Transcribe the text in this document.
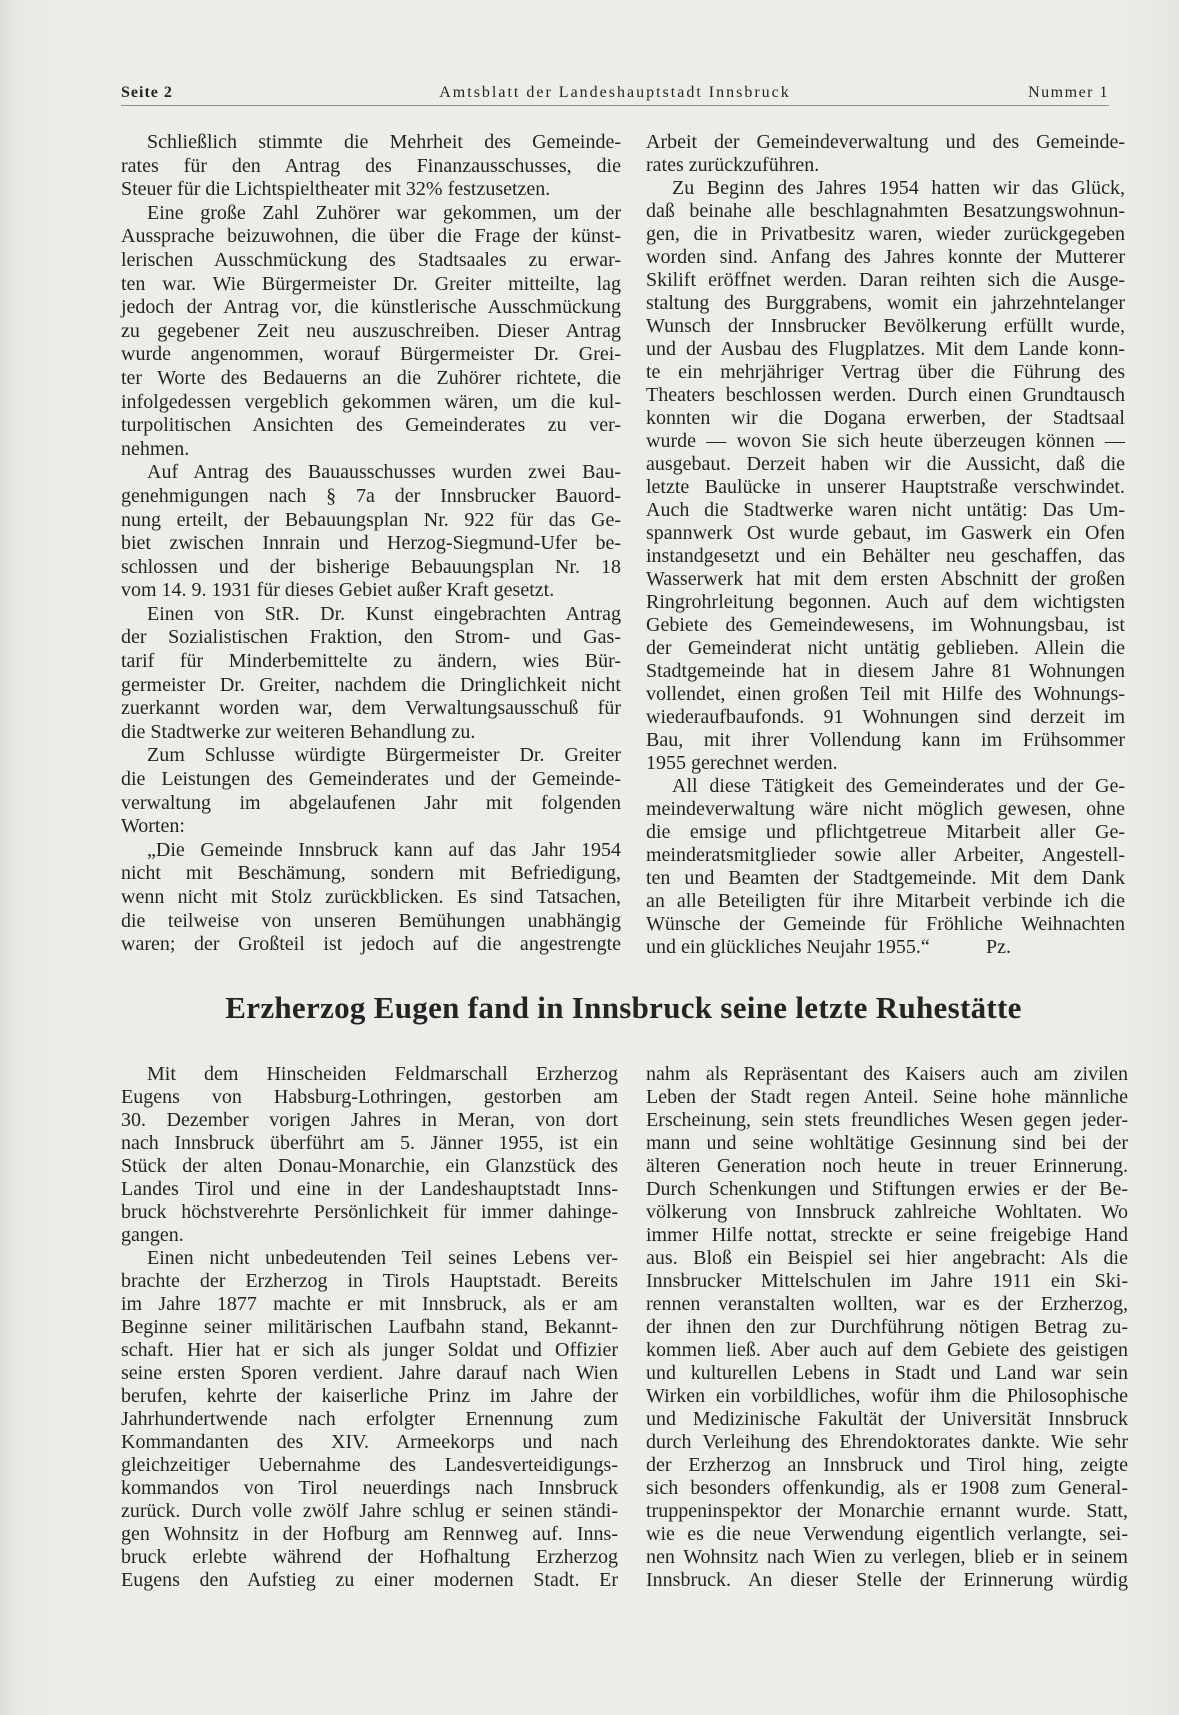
Seite 2	Amtsblatt der Landeshauptstadt Innsbruck	Nummer 1
Schließlich stimmte die Mehrheit des Gemeinde-
rates für den Antrag des Finanzausschusses, die
Steuer für die Lichtspieltheater mit 32% festzusetzen.
Eine große Zahl Zuhörer war gekommen, um der
Aussprache beizuwohnen, die über die Frage der künst-
lerischen Ausschmückung des Stadtsaales zu erwar-
ten war. Wie Bürgermeister Dr. Greiter mitteilte, lag
jedoch der Antrag vor, die künstlerische Ausschmückung
zu gegebener Zeit neu auszuschreiben. Dieser Antrag
wurde angenommen, worauf Bürgermeister Dr. Grei-
ter Worte des Bedauerns an die Zuhörer richtete, die
infolgedessen vergeblich gekommen wären, um die kul-
turpolitischen Ansichten des Gemeinderates zu ver-
nehmen.
Auf Antrag des Bauausschusses wurden zwei Bau-
genehmigungen nach § 7a der Innsbrucker Bauord-
nung erteilt, der Bebauungsplan Nr. 922 für das Ge-
biet zwischen Innrain und Herzog-Siegmund-Ufer be-
schlossen und der bisherige Bebauungsplan Nr. 18
vom 14. 9. 1931 für dieses Gebiet außer Kraft gesetzt.
Einen von StR. Dr. Kunst eingebrachten Antrag
der Sozialistischen Fraktion, den Strom- und Gas-
tarif für Minderbemittelte zu ändern, wies Bür-
germeister Dr. Greiter, nachdem die Dringlichkeit nicht
zuerkannt worden war, dem Verwaltungsausschuß für
die Stadtwerke zur weiteren Behandlung zu.
Zum Schlusse würdigte Bürgermeister Dr. Greiter
die Leistungen des Gemeinderates und der Gemeinde-
verwaltung im abgelaufenen Jahr mit folgenden
Worten:
„Die Gemeinde Innsbruck kann auf das Jahr 1954
nicht mit Beschämung, sondern mit Befriedigung,
wenn nicht mit Stolz zurückblicken. Es sind Tatsachen,
die teilweise von unseren Bemühungen unabhängig
waren; der Großteil ist jedoch auf die angestrengte
Arbeit der Gemeindeverwaltung und des Gemeinde-
rates zurückzuführen.
Zu Beginn des Jahres 1954 hatten wir das Glück,
daß beinahe alle beschlagnahmten Besatzungswohnun-
gen, die in Privatbesitz waren, wieder zurückgegeben
worden sind. Anfang des Jahres konnte der Mutterer
Skilift eröffnet werden. Daran reihten sich die Ausge-
staltung des Burggrabens, womit ein jahrzehntelanger
Wunsch der Innsbrucker Bevölkerung erfüllt wurde,
und der Ausbau des Flugplatzes. Mit dem Lande konn-
te ein mehrjähriger Vertrag über die Führung des
Theaters beschlossen werden. Durch einen Grundtausch
konnten wir die Dogana erwerben, der Stadtsaal
wurde — wovon Sie sich heute überzeugen können —
ausgebaut. Derzeit haben wir die Aussicht, daß die
letzte Baulücke in unserer Hauptstraße verschwindet.
Auch die Stadtwerke waren nicht untätig: Das Um-
spannwerk Ost wurde gebaut, im Gaswerk ein Ofen
instandgesetzt und ein Behälter neu geschaffen, das
Wasserwerk hat mit dem ersten Abschnitt der großen
Ringrohrleitung begonnen. Auch auf dem wichtigsten
Gebiete des Gemeindewesens, im Wohnungsbau, ist
der Gemeinderat nicht untätig geblieben. Allein die
Stadtgemeinde hat in diesem Jahre 81 Wohnungen
vollendet, einen großen Teil mit Hilfe des Wohnungs-
wiederaufbaufonds. 91 Wohnungen sind derzeit im
Bau, mit ihrer Vollendung kann im Frühsommer
1955 gerechnet werden.
All diese Tätigkeit des Gemeinderates und der Ge-
meindeverwaltung wäre nicht möglich gewesen, ohne
die emsige und pflichtgetreue Mitarbeit aller Ge-
meinderatsmitglieder sowie aller Arbeiter, Angestell-
ten und Beamten der Stadtgemeinde. Mit dem Dank
an alle Beteiligten für ihre Mitarbeit verbinde ich die
Wünsche der Gemeinde für Fröhliche Weihnachten
und ein glückliches Neujahr 1955.“	Pz.
Erzherzog Eugen fand in Innsbruck seine letzte Ruhestätte
Mit dem Hinscheiden Feldmarschall Erzherzog
Eugens von Habsburg-Lothringen, gestorben am
30. Dezember vorigen Jahres in Meran, von dort
nach Innsbruck überführt am 5. Jänner 1955, ist ein
Stück der alten Donau-Monarchie, ein Glanzstück des
Landes Tirol und eine in der Landeshauptstadt Inns-
bruck höchstverehrte Persönlichkeit für immer dahinge-
gangen.
Einen nicht unbedeutenden Teil seines Lebens ver-
brachte der Erzherzog in Tirols Hauptstadt. Bereits
im Jahre 1877 machte er mit Innsbruck, als er am
Beginne seiner militärischen Laufbahn stand, Bekannt-
schaft. Hier hat er sich als junger Soldat und Offizier
seine ersten Sporen verdient. Jahre darauf nach Wien
berufen, kehrte der kaiserliche Prinz im Jahre der
Jahrhundertwende nach erfolgter Ernennung zum
Kommandanten des XIV. Armeekorps und nach
gleichzeitiger Uebernahme des Landesverteidigungs-
kommandos von Tirol neuerdings nach Innsbruck
zurück. Durch volle zwölf Jahre schlug er seinen ständi-
gen Wohnsitz in der Hofburg am Rennweg auf. Inns-
bruck erlebte während der Hofhaltung Erzherzog
Eugens den Aufstieg zu einer modernen Stadt. Er
nahm als Repräsentant des Kaisers auch am zivilen
Leben der Stadt regen Anteil. Seine hohe männliche
Erscheinung, sein stets freundliches Wesen gegen jeder-
mann und seine wohltätige Gesinnung sind bei der
älteren Generation noch heute in treuer Erinnerung.
Durch Schenkungen und Stiftungen erwies er der Be-
völkerung von Innsbruck zahlreiche Wohltaten. Wo
immer Hilfe nottat, streckte er seine freigebige Hand
aus. Bloß ein Beispiel sei hier angebracht: Als die
Innsbrucker Mittelschulen im Jahre 1911 ein Ski-
rennen veranstalten wollten, war es der Erzherzog,
der ihnen den zur Durchführung nötigen Betrag zu-
kommen ließ. Aber auch auf dem Gebiete des geistigen
und kulturellen Lebens in Stadt und Land war sein
Wirken ein vorbildliches, wofür ihm die Philosophische
und Medizinische Fakultät der Universität Innsbruck
durch Verleihung des Ehrendoktorates dankte. Wie sehr
der Erzherzog an Innsbruck und Tirol hing, zeigte
sich besonders offenkundig, als er 1908 zum General-
truppeninspektor der Monarchie ernannt wurde. Statt,
wie es die neue Verwendung eigentlich verlangte, sei-
nen Wohnsitz nach Wien zu verlegen, blieb er in seinem
Innsbruck. An dieser Stelle der Erinnerung würdig
